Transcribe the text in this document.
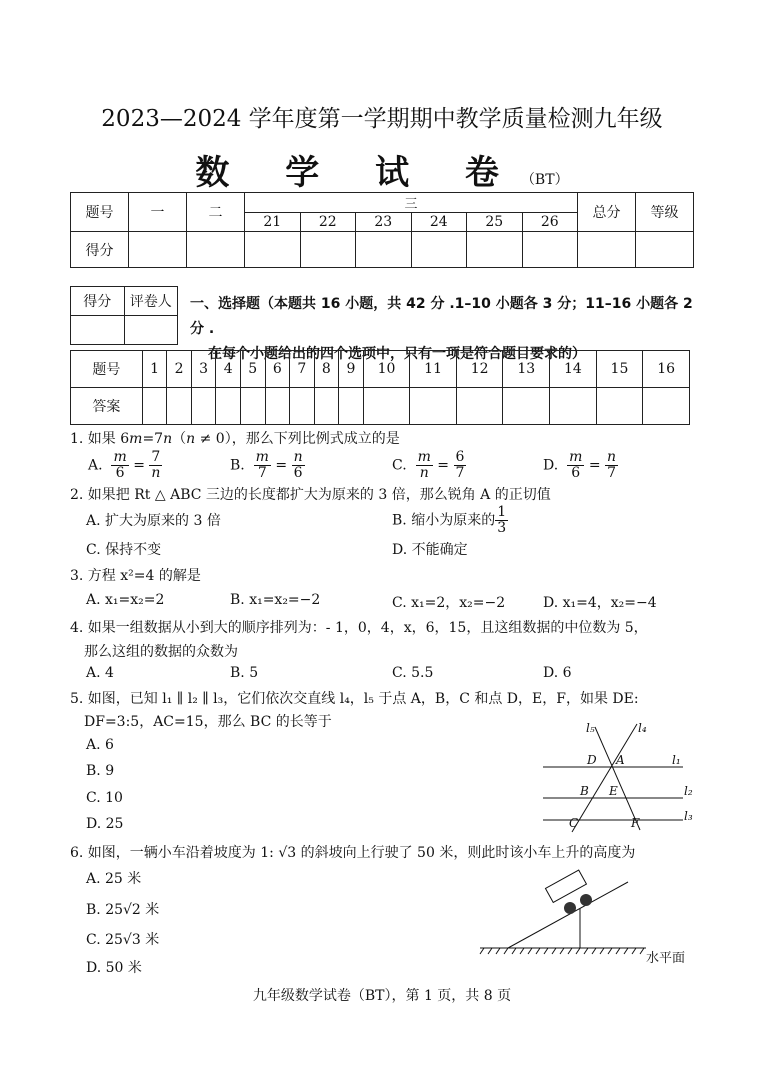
2023—2024 学年度第一学期期中教学质量检测九年级
数 学 试 卷（BT）
题号	一	二	三						总分	等级
			21	22	23	24	25	26		
得分										
得分	评卷人
	一、选择题（本题共 16 小题，共 42 分 .1–10 小题各 3 分；11–16 小题各 2 分 .
在每个小题给出的四个选项中，只有一项是符合题目要求的）
题号	1	2	3	4	5	6	7	8	9	10	11	12	13	14	15	16
答案																
1. 如果 6m=7n（n ≠ 0），那么下列比例式成立的是
A. $\frac{m}{6} = \frac{7}{n}$	B. $\frac{m}{7} = \frac{n}{6}$	C. $\frac{m}{n} = \frac{6}{7}$	D. $\frac{m}{6} = \frac{n}{7}$
2. 如果把 Rt △ ABC 三边的长度都扩大为原来的 3 倍，那么锐角 A 的正切值
A. 扩大为原来的 3 倍	B. 缩小为原来的 $\frac{1}{3}$
C. 保持不变	D. 不能确定
3. 方程 x²=4 的解是
A. x₁=x₂=2	B. x₁=x₂=−2	C. x₁=2，x₂=−2	D. x₁=4，x₂=−4
4. 如果一组数据从小到大的顺序排列为：- 1，0，4，x，6，15，且这组数据的中位数为 5，
那么这组的数据的众数为
A. 4	B. 5	C. 5.5	D. 6
5. 如图，已知 l₁ ∥ l₂ ∥ l₃，它们依次交直线 l₄，l₅ 于点 A，B，C 和点 D，E，F，如果 DE:
DF=3:5，AC=15，那么 BC 的长等于
A. 6
B. 9
C. 10
D. 25
l₅	l₄
l₁
l₂
l₃
D A
B E
C	F
6. 如图，一辆小车沿着坡度为 1: √3 的斜坡向上行驶了 50 米，则此时该小车上升的高度为
A. 25 米
B. 25√2 米
C. 25√3 米
D. 50 米
水平面
九年级数学试卷（BT），第 1 页，共 8 页
